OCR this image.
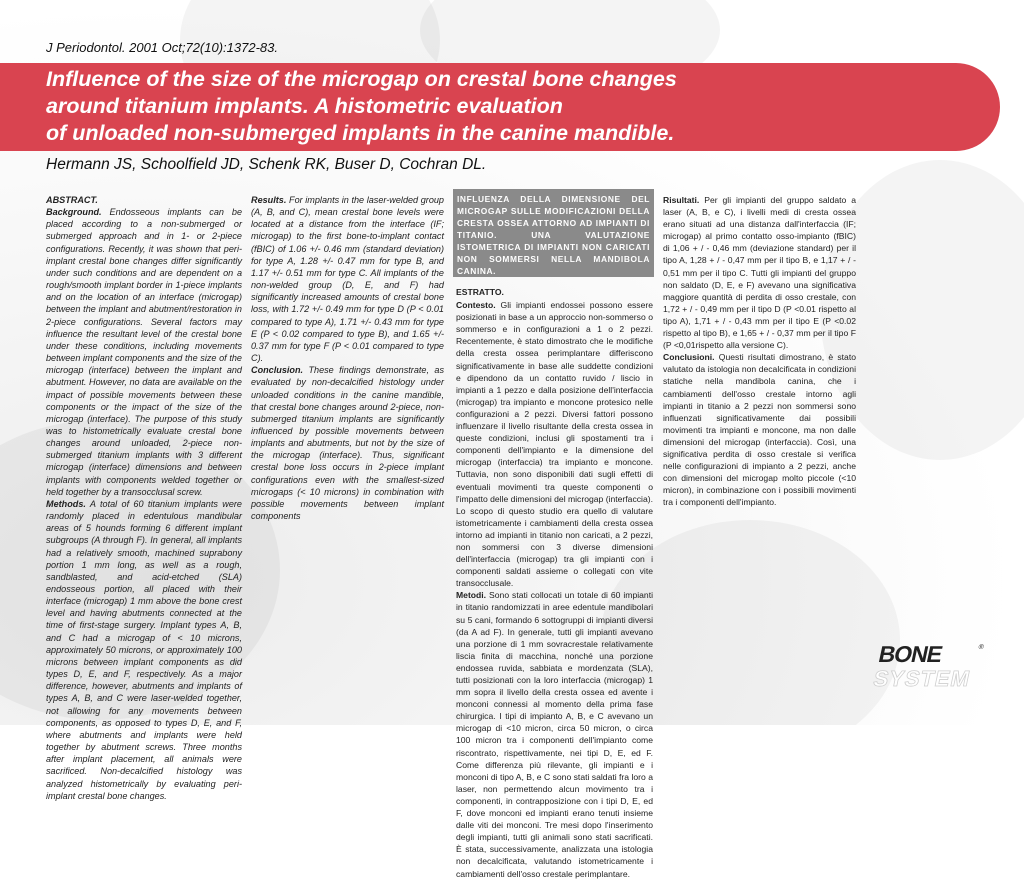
J Periodontol. 2001 Oct;72(10):1372-83.
Influence of the size of the microgap on crestal bone changes
around titanium implants. A histometric evaluation
of unloaded non-submerged implants in the canine mandible.
Hermann JS, Schoolfield JD, Schenk RK, Buser D, Cochran DL.

ABSTRACT.

Background. Endosseous implants can be placed according to a non-submerged or submerged approach and in 1- or 2-piece configurations. Recently, it was shown that peri-implant crestal bone changes differ significantly under such conditions and are dependent on a rough/smooth implant border in 1-piece implants and on the location of an interface (microgap) between the implant and abutment/restoration in 2-piece configurations. Several factors may influence the resultant level of the crestal bone under these conditions, including movements between implant components and the size of the microgap (interface) between the implant and abutment. However, no data are available on the impact of possible movements between these components or the impact of the size of the microgap (interface). The purpose of this study was to histometrically evaluate crestal bone changes around unloaded, 2-piece non-submerged titanium implants with 3 different microgap (interface) dimensions and between implants with components welded together or held together by a transocclusal screw.

Methods. A total of 60 titanium implants were randomly placed in edentulous mandibular areas of 5 hounds forming 6 different implant subgroups (A through F). In general, all implants had a relatively smooth, machined suprabony portion 1 mm long, as well as a rough, sandblasted, and acid-etched (SLA) endosseous portion, all placed with their interface (microgap) 1 mm above the bone crest level and having abutments connected at the time of first-stage surgery. Implant types A, B, and C had a microgap of < 10 microns, approximately 50 microns, or approximately 100 microns between implant components as did types D, E, and F, respectively. As a major difference, however, abutments and implants of types A, B, and C were laser-welded together, not allowing for any movements between components, as opposed to types D, E, and F, where abutments and implants were held together by abutment screws. Three months after implant placement, all animals were sacrificed. Non-decalcified histology was analyzed histometrically by evaluating peri-implant crestal bone changes.

Results. For implants in the laser-welded group (A, B, and C), mean crestal bone levels were located at a distance from the interface (IF; microgap) to the first bone-to-implant contact (fBIC) of 1.06 +/- 0.46 mm (standard deviation) for type A, 1.28 +/- 0.47 mm for type B, and 1.17 +/- 0.51 mm for type C. All implants of the non-welded group (D, E, and F) had significantly increased amounts of crestal bone loss, with 1.72 +/- 0.49 mm for type D (P < 0.01 compared to type A), 1.71 +/- 0.43 mm for type E (P < 0.02 compared to type B), and 1.65 +/- 0.37 mm for type F (P < 0.01 compared to type C).

Conclusion. These findings demonstrate, as evaluated by non-decalcified histology under unloaded conditions in the canine mandible, that crestal bone changes around 2-piece, non-submerged titanium implants are significantly influenced by possible movements between implants and abutments, but not by the size of the microgap (interface). Thus, significant crestal bone loss occurs in 2-piece implant configurations even with the smallest-sized microgaps (< 10 microns) in combination with possible movements between implant components

INFLUENZA DELLA DIMENSIONE DEL MICROGAP SULLE MODIFICAZIONI DELLA CRESTA OSSEA ATTORNO AD IMPIANTI DI TITANIO. UNA VALUTAZIONE ISTOMETRICA DI IMPIANTI NON CARICATI NON SOMMERSI NELLA MANDIBOLA CANINA.

ESTRATTO.

Contesto. Gli impianti endossei possono essere posizionati in base a un approccio non-sommerso o sommerso e in configurazioni a 1 o 2 pezzi. Recentemente, è stato dimostrato che le modifiche della cresta ossea perimplantare differiscono significativamente in base alle suddette condizioni e dipendono da un contatto ruvido / liscio in impianti a 1 pezzo e dalla posizione dell'interfaccia (microgap) tra impianto e moncone protesico nelle configurazioni a 2 pezzi. Diversi fattori possono influenzare il livello risultante della cresta ossea in queste condizioni, inclusi gli spostamenti tra i componenti dell'impianto e la dimensione del microgap (interfaccia) tra impianto e moncone. Tuttavia, non sono disponibili dati sugli effetti di eventuali movimenti tra queste componenti o l'impatto delle dimensioni del microgap (interfaccia). Lo scopo di questo studio era quello di valutare istometricamente i cambiamenti della cresta ossea intorno ad impianti in titanio non caricati, a 2 pezzi, non sommersi con 3 diverse dimensioni dell'interfaccia (microgap) tra gli impianti con i componenti saldati assieme o collegati con vite transocclusale.

Metodi. Sono stati collocati un totale di 60 impianti in titanio randomizzati in aree edentule mandibolari su 5 cani, formando 6 sottogruppi di impianti diversi (da A ad F). In generale, tutti gli impianti avevano una porzione di 1 mm sovracrestale relativamente liscia finita di macchina, nonché una porzione endossea ruvida, sabbiata e mordenzata (SLA), tutti posizionati con la loro interfaccia (microgap) 1 mm sopra il livello della cresta ossea ed avente i monconi connessi al momento della prima fase chirurgica. I tipi di impianto A, B, e C avevano un microgap di <10 micron, circa 50 micron, o circa 100 micron tra i componenti dell'impianto come riscontrato, rispettivamente, nei tipi D, E, ed F. Come differenza più rilevante, gli impianti e i monconi di tipo A, B, e C sono stati saldati fra loro a laser, non permettendo alcun movimento tra i componenti, in contrapposizione con i tipi D, E, ed F, dove monconi ed impianti erano tenuti insieme dalle viti dei monconi. Tre mesi dopo l'inserimento degli impianti, tutti gli animali sono stati sacrificati. È stata, successivamente, analizzata una istologia non decalcificata, valutando istometricamente i cambiamenti dell'osso crestale perimplantare.

Risultati. Per gli impianti del gruppo saldato a laser (A, B, e C), i livelli medi di cresta ossea erano situati ad una distanza dall'interfaccia (IF; microgap) al primo contatto osso-impianto (fBIC) di 1,06 + / - 0,46 mm (deviazione standard) per il tipo A, 1,28 + / - 0,47 mm per il tipo B, e 1,17 + / - 0,51 mm per il tipo C. Tutti gli impianti del gruppo non saldato (D, E, e F) avevano una significativa maggiore quantità di perdita di osso crestale, con 1,72 + / - 0,49 mm per il tipo D (P <0.01 rispetto al tipo A), 1,71 + / - 0,43 mm per il tipo E (P <0.02 rispetto al tipo B), e 1,65 + / - 0,37 mm per il tipo F (P <0,01rispetto alla versione C).

Conclusioni. Questi risultati dimostrano, è stato valutato da istologia non decalcificata in condizioni statiche nella mandibola canina, che i cambiamenti dell'osso crestale intorno agli impianti in titanio a 2 pezzi non sommersi sono influenzati significativamente dai possibili movimenti tra impianti e moncone, ma non dalle dimensioni del microgap (interfaccia). Così, una significativa perdita di osso crestale si verifica nelle configurazioni di impianto a 2 pezzi, anche con dimensioni del microgap molto piccole (<10 micron), in combinazione con i possibili movimenti tra i componenti dell'impianto.

BONE	®
SYSTEM
